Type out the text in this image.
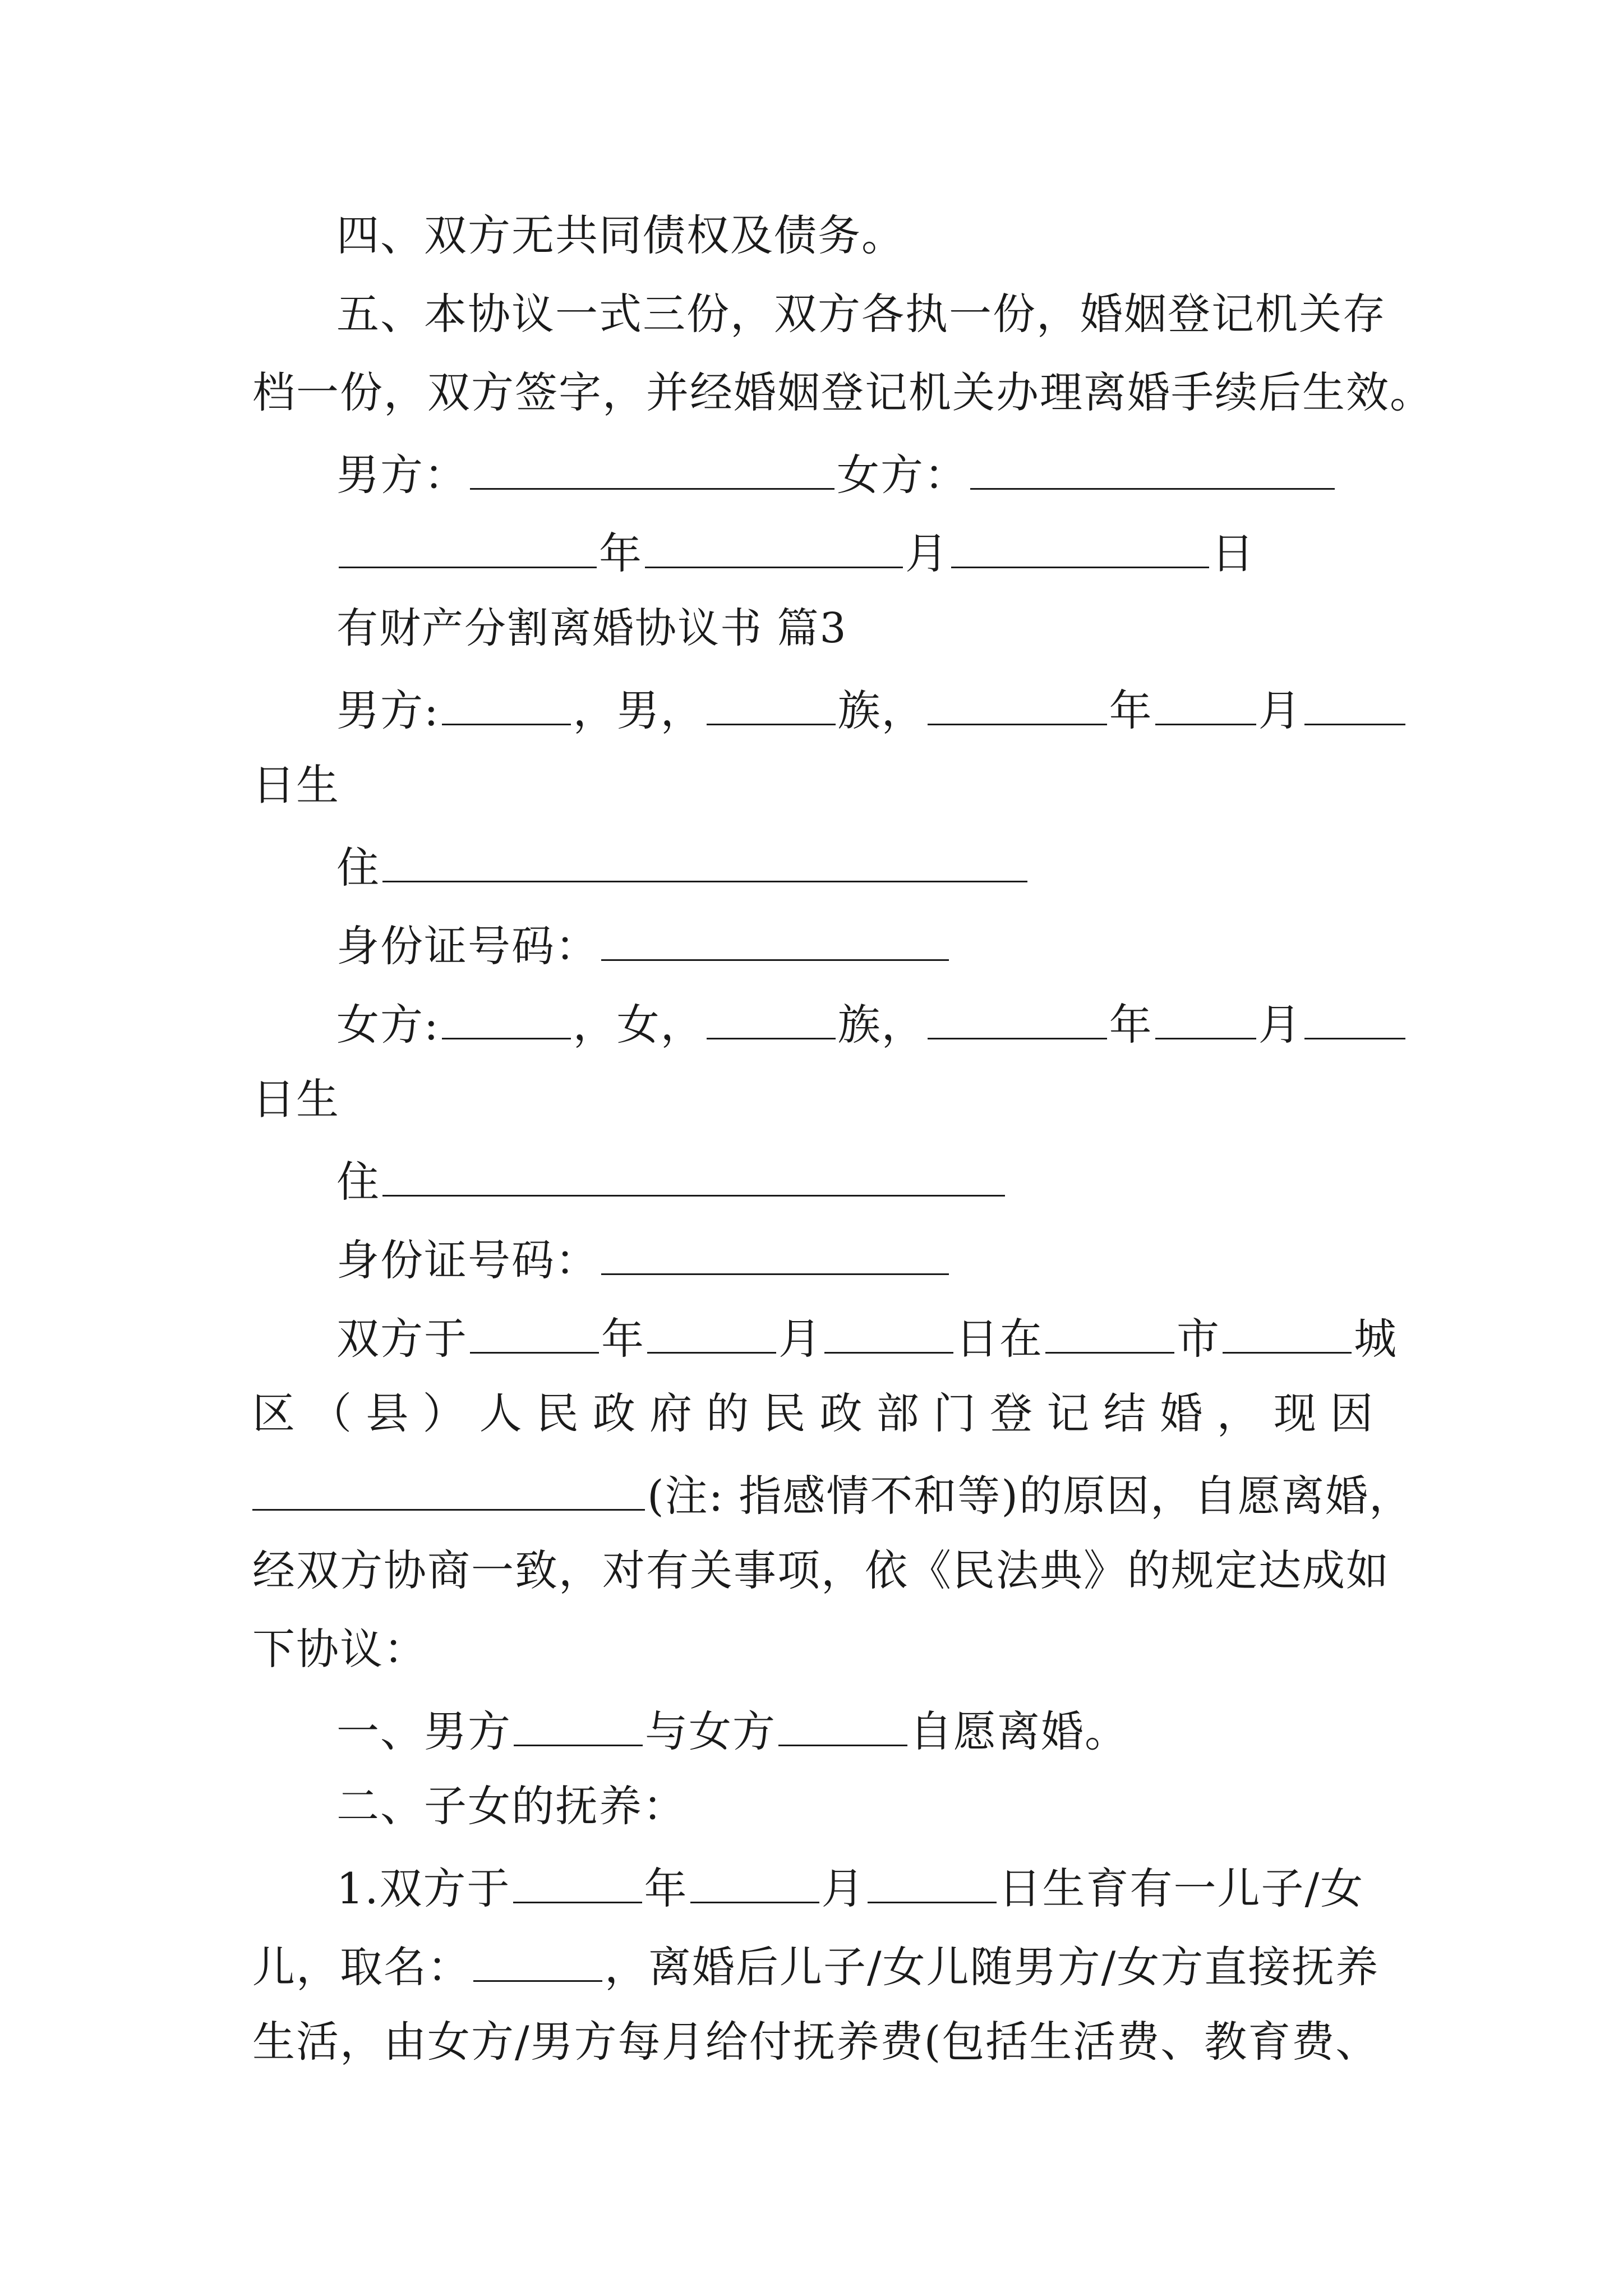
四、双方无共同债权及债务。
五、本协议一式三份，双方各执一份，婚姻登记机关存
档一份，双方签字，并经婚姻登记机关办理离婚手续后生效。
男方：	女方：
年	月	日
有财产分割离婚协议书 篇3
男方:	，男，	族，	年 月
日生
住
身份证号码：
女方:	，女，	族，	年 月
日生
住
身份证号码：
双方于	年	月	日在	市	城
区（县）人民政府的民政部门登记结婚，现因
(注: 指感情不和等)的原因，自愿离婚，
经双方协商一致，对有关事项，依《民法典》的规定达成如
下协议：
一、男方	与女方	自愿离婚。
二、子女的抚养：
1.双方于	年	月	日生育有一儿子/女
儿，取名：	，离婚后儿子/女儿随男方/女方直接抚养
生活，由女方/男方每月给付抚养费(包括生活费、教育费、
